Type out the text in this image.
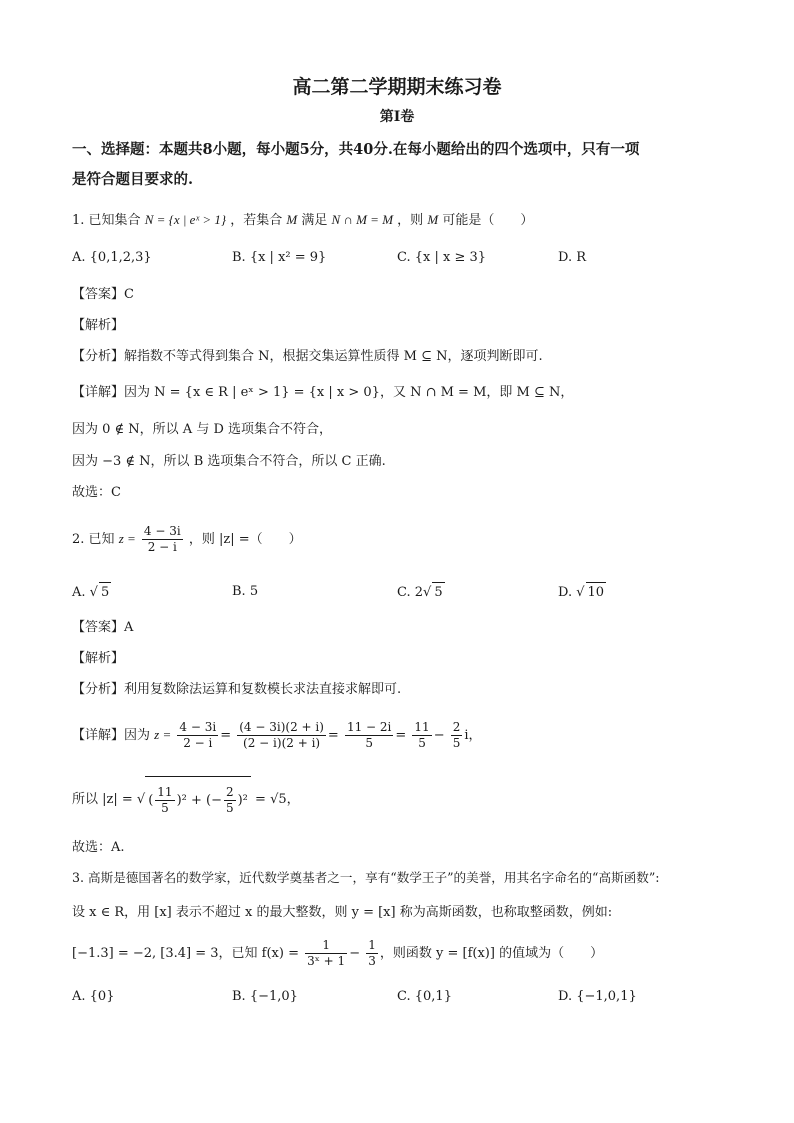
高二第二学期期末练习卷
第Ⅰ卷
一、选择题：本题共8小题，每小题5分，共40分.在每小题给出的四个选项中，只有一项
是符合题目要求的.
1. 已知集合 N = {x | eˣ > 1} ，若集合 M 满足 N ∩ M = M ，则 M 可能是（　　）
A. {0,1,2,3}	B. {x | x² = 9}	C. {x | x ≥ 3}	D. R
【答案】C
【解析】
【分析】解指数不等式得到集合 N，根据交集运算性质得 M ⊆ N，逐项判断即可.
【详解】因为 N = {x ∈ R | eˣ > 1} = {x | x > 0}，又 N ∩ M = M，即 M ⊆ N，
因为 0 ∉ N，所以 A 与 D 选项集合不符合，
因为 −3 ∉ N，所以 B 选项集合不符合，所以 C 正确.
故选：C
2. 已知 $z = \frac{4 - 3i}{2 - i}$ ，则 |z| =（　　）
A. √ 5	B. 5	C. 2√ 5	D. √ 10
【答案】A
【解析】
【分析】利用复数除法运算和复数模长求法直接求解即可.
【详解】因为 $z = \frac{4 - 3i}{2 - i} = \frac{(4 - 3i)(2 + i)}{(2 - i)(2 + i)} = \frac{11 - 2i}{5} = \frac{11}{5} - \frac{2}{5}$ i，
所以 |z| = √ ( $\frac{11}{5} )^2$ + (− $\frac{2}{5} )^2 = √5$，
故选：A.
3. 高斯是德国著名的数学家，近代数学奠基者之一，享有“数学王子”的美誉，用其名字命名的“高斯函数”:
设 x ∈ R，用 [x] 表示不超过 x 的最大整数，则 y = [x] 称为高斯函数，也称取整函数，例如:
[−1.3] = −2, [3.4] = 3，已知 $f(x) = \frac{1}{\text{3ˣ + 1}} - \frac{1}{3}$ ，则函数 y = [f(x)] 的值域为（　　）
A. {0}	B. {−1,0}	C. {0,1}	D. {−1,0,1}
